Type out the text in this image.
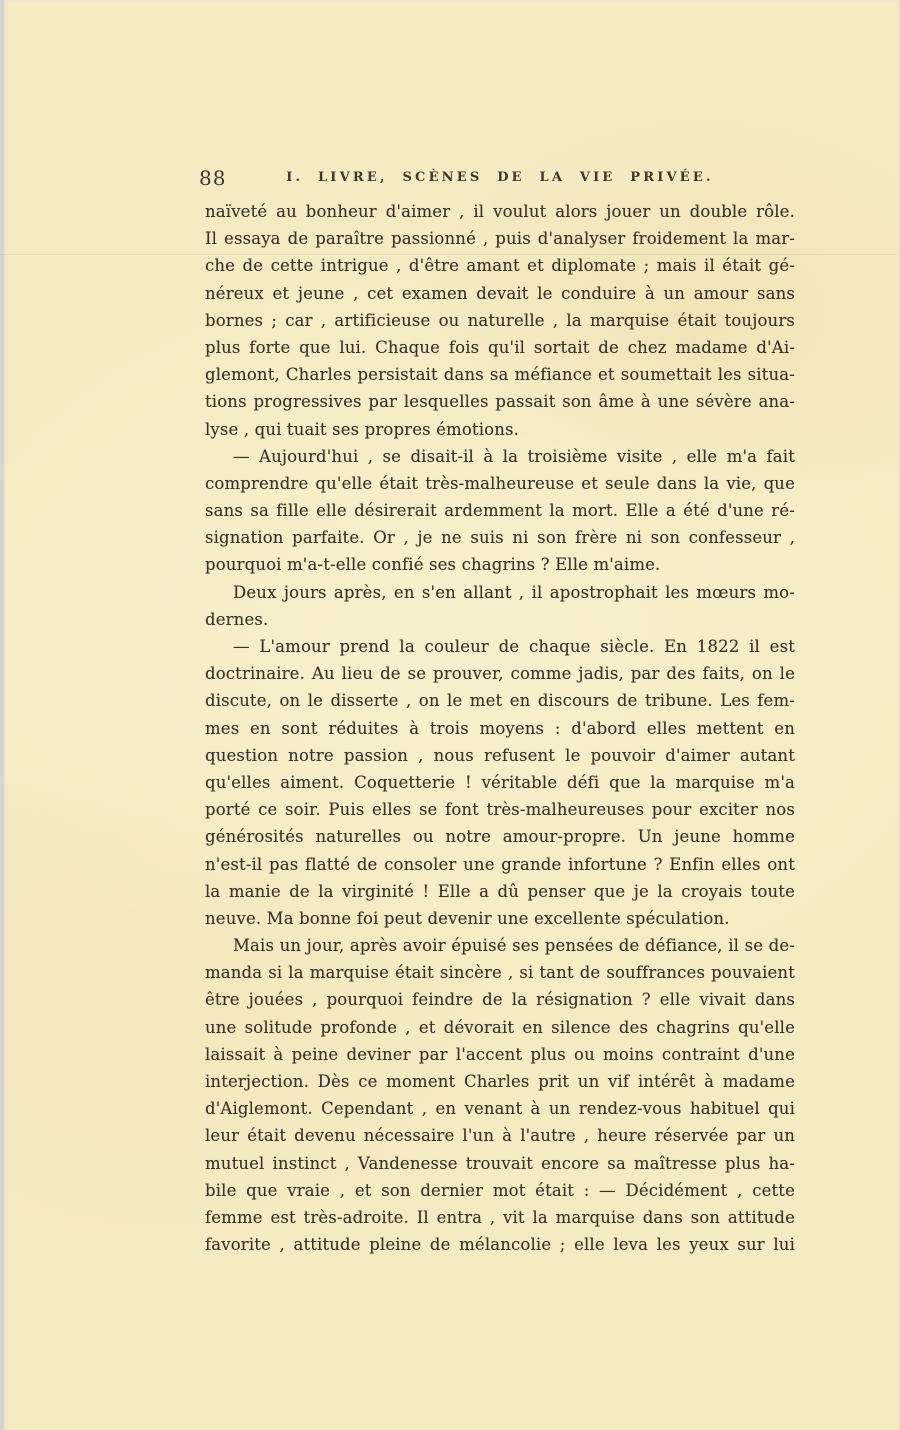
88	I. LIVRE, SCÈNES DE LA VIE PRIVÉE.
naïveté au bonheur d'aimer , il voulut alors jouer un double rôle.
Il essaya de paraître passionné , puis d'analyser froidement la mar-
che de cette intrigue , d'être amant et diplomate ; mais il était gé-
néreux et jeune , cet examen devait le conduire à un amour sans
bornes ; car , artificieuse ou naturelle , la marquise était toujours
plus forte que lui. Chaque fois qu'il sortait de chez madame d'Ai-
glemont, Charles persistait dans sa méfiance et soumettait les situa-
tions progressives par lesquelles passait son âme à une sévère ana-
lyse , qui tuait ses propres émotions.
— Aujourd'hui , se disait-il à la troisième visite , elle m'a fait
comprendre qu'elle était très-malheureuse et seule dans la vie, que
sans sa fille elle désirerait ardemment la mort. Elle a été d'une ré-
signation parfaite. Or , je ne suis ni son frère ni son confesseur ,
pourquoi m'a-t-elle confié ses chagrins ? Elle m'aime.
Deux jours après, en s'en allant , il apostrophait les mœurs mo-
dernes.
— L'amour prend la couleur de chaque siècle. En 1822 il est
doctrinaire. Au lieu de se prouver, comme jadis, par des faits, on le
discute, on le disserte , on le met en discours de tribune. Les fem-
mes en sont réduites à trois moyens : d'abord elles mettent en
question notre passion , nous refusent le pouvoir d'aimer autant
qu'elles aiment. Coquetterie ! véritable défi que la marquise m'a
porté ce soir. Puis elles se font très-malheureuses pour exciter nos
générosités naturelles ou notre amour-propre. Un jeune homme
n'est-il pas flatté de consoler une grande infortune ? Enfin elles ont
la manie de la virginité ! Elle a dû penser que je la croyais toute
neuve. Ma bonne foi peut devenir une excellente spéculation.
Mais un jour, après avoir épuisé ses pensées de défiance, il se de-
manda si la marquise était sincère , si tant de souffrances pouvaient
être jouées , pourquoi feindre de la résignation ? elle vivait dans
une solitude profonde , et dévorait en silence des chagrins qu'elle
laissait à peine deviner par l'accent plus ou moins contraint d'une
interjection. Dès ce moment Charles prit un vif intérêt à madame
d'Aiglemont. Cependant , en venant à un rendez-vous habituel qui
leur était devenu nécessaire l'un à l'autre , heure réservée par un
mutuel instinct , Vandenesse trouvait encore sa maîtresse plus ha-
bile que vraie , et son dernier mot était : — Décidément , cette
femme est très-adroite. Il entra , vit la marquise dans son attitude
favorite , attitude pleine de mélancolie ; elle leva les yeux sur lui
